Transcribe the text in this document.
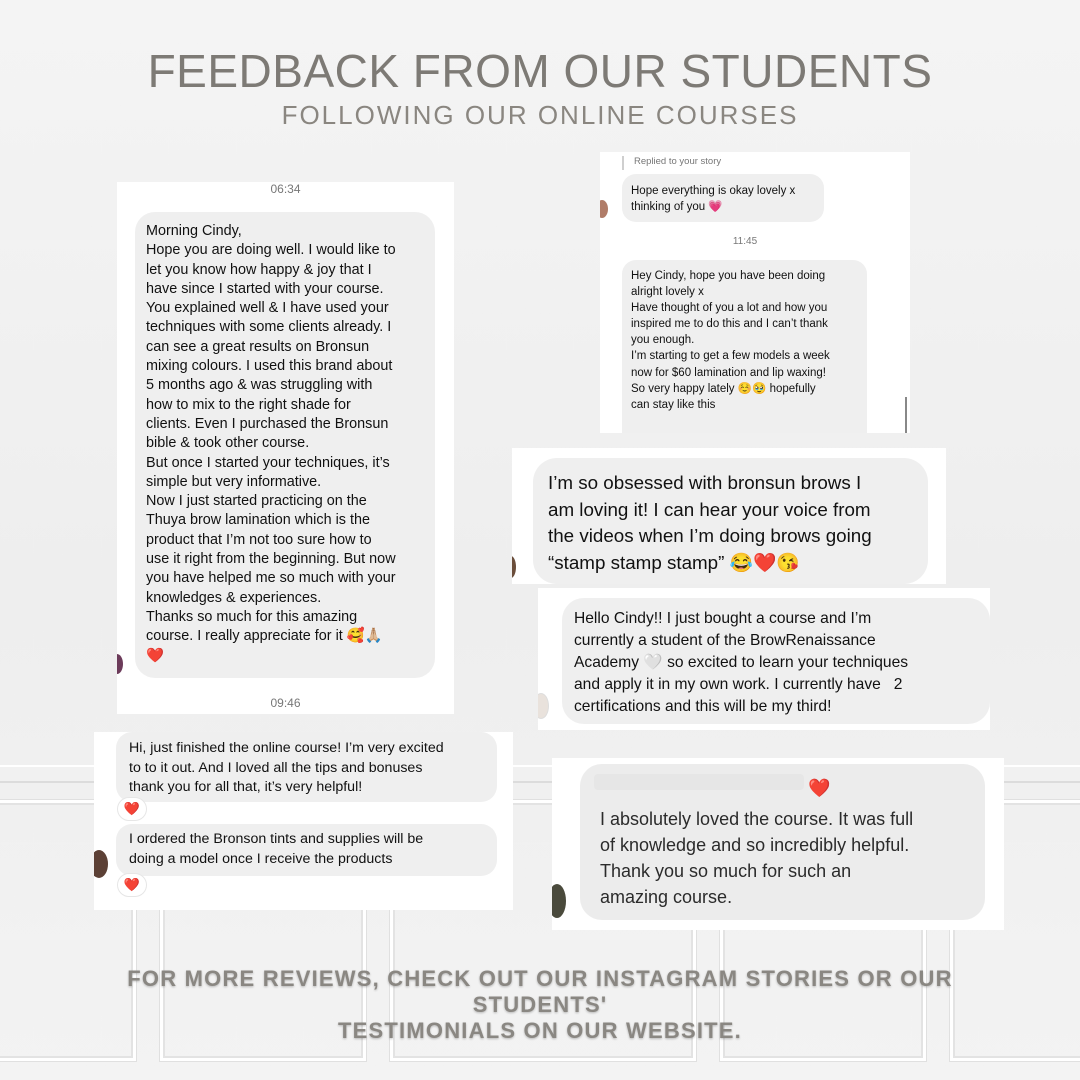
FEEDBACK FROM OUR STUDENTS
FOLLOWING OUR ONLINE COURSES
06:34
Morning Cindy,
Hope you are doing well. I would like to
let you know how happy & joy that I
have since I started with your course.
You explained well & I have used your
techniques with some clients already. I
can see a great results on Bronsun
mixing colours. I used this brand about
5 months ago & was struggling with
how to mix to the right shade for
clients. Even I purchased the Bronsun
bible & took other course.
But once I started your techniques, it’s
simple but very informative.
Now I just started practicing on the
Thuya brow lamination which is the
product that I’m not too sure how to
use it right from the beginning. But now
you have helped me so much with your
knowledges & experiences.
Thanks so much for this amazing
course. I really appreciate for it 🥰🙏🏼
❤️
09:46
Replied to your story
Hope everything is okay lovely x
thinking of you 💗
11:45
Hey Cindy, hope you have been doing
alright lovely x
Have thought of you a lot and how you
inspired me to do this and I can’t thank
you enough.
I’m starting to get a few models a week
now for $60 lamination and lip waxing!
So very happy lately ☺️🥹 hopefully
can stay like this
I’m so obsessed with bronsun brows I
am loving it! I can hear your voice from
the videos when I’m doing brows going
“stamp stamp stamp” 😂❤️😘
Hello Cindy!! I just bought a course and I’m
currently a student of the BrowRenaissance
Academy 🤍 so excited to learn your techniques
and apply it in my own work. I currently have   2
certifications and this will be my third!
Hi, just finished the online course! I’m very excited
to to it out. And I loved all the tips and bonuses
thank you for all that, it’s very helpful!
❤️
I ordered the Bronson tints and supplies will be
doing a model once I receive the products
❤️
❤️
I absolutely loved the course. It was full
of knowledge and so incredibly helpful.
Thank you so much for such an
amazing course.
FOR MORE REVIEWS, CHECK OUT OUR INSTAGRAM STORIES OR OUR STUDENTS'
TESTIMONIALS ON OUR WEBSITE.
